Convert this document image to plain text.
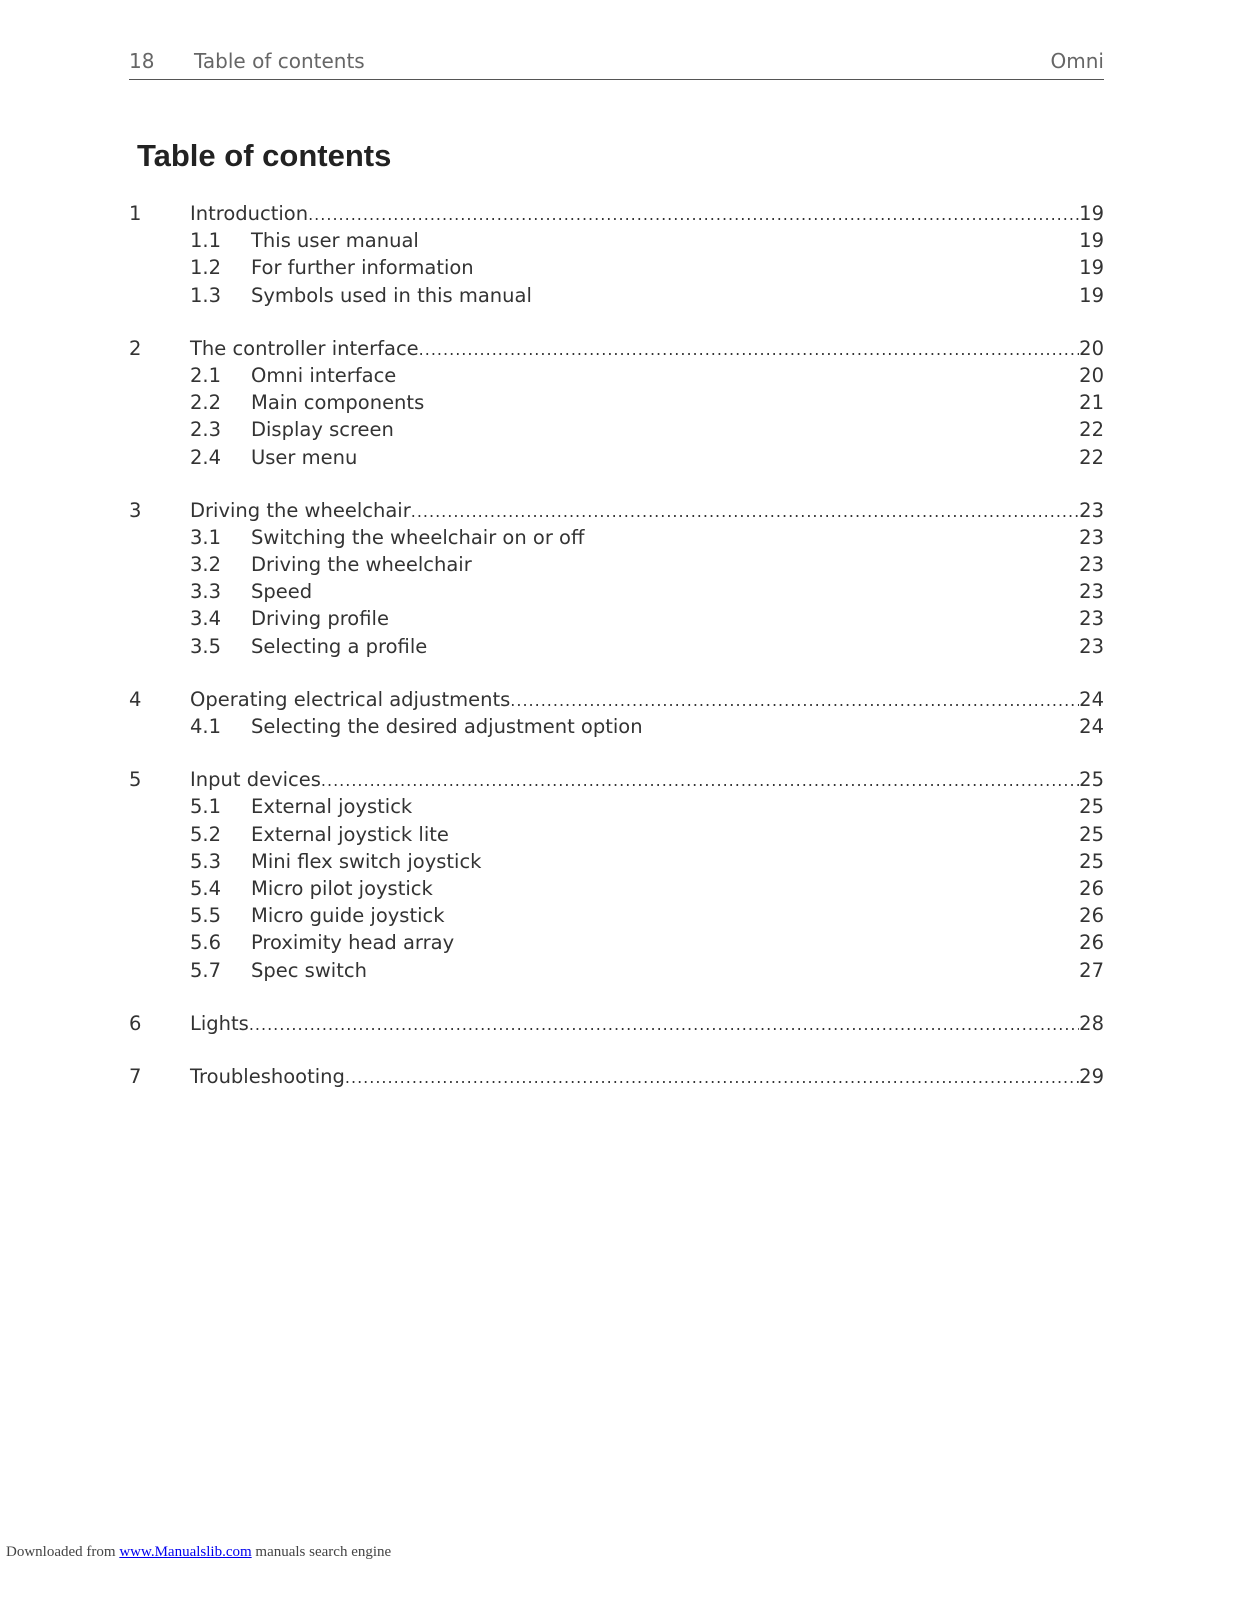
18 Table of contents	Omni
Table of contents
1 Introduction .....	19
1.1 This user manual	19
1.2 For further information	19
1.3 Symbols used in this manual	19
2 The controller interface .....	20
2.1 Omni interface	20
2.2 Main components	21
2.3 Display screen	22
2.4 User menu	22
3 Driving the wheelchair .....	23
3.1 Switching the wheelchair on or off	23
3.2 Driving the wheelchair	23
3.3 Speed	23
3.4 Driving profile	23
3.5 Selecting a profile	23
4 Operating electrical adjustments .....	24
4.1 Selecting the desired adjustment option	24
5 Input devices .....	25
5.1 External joystick	25
5.2 External joystick lite	25
5.3 Mini flex switch joystick	25
5.4 Micro pilot joystick	26
5.5 Micro guide joystick	26
5.6 Proximity head array	26
5.7 Spec switch	27
6 Lights .....	28
7 Troubleshooting .....	29
Downloaded from www.Manualslib.com manuals search engine
